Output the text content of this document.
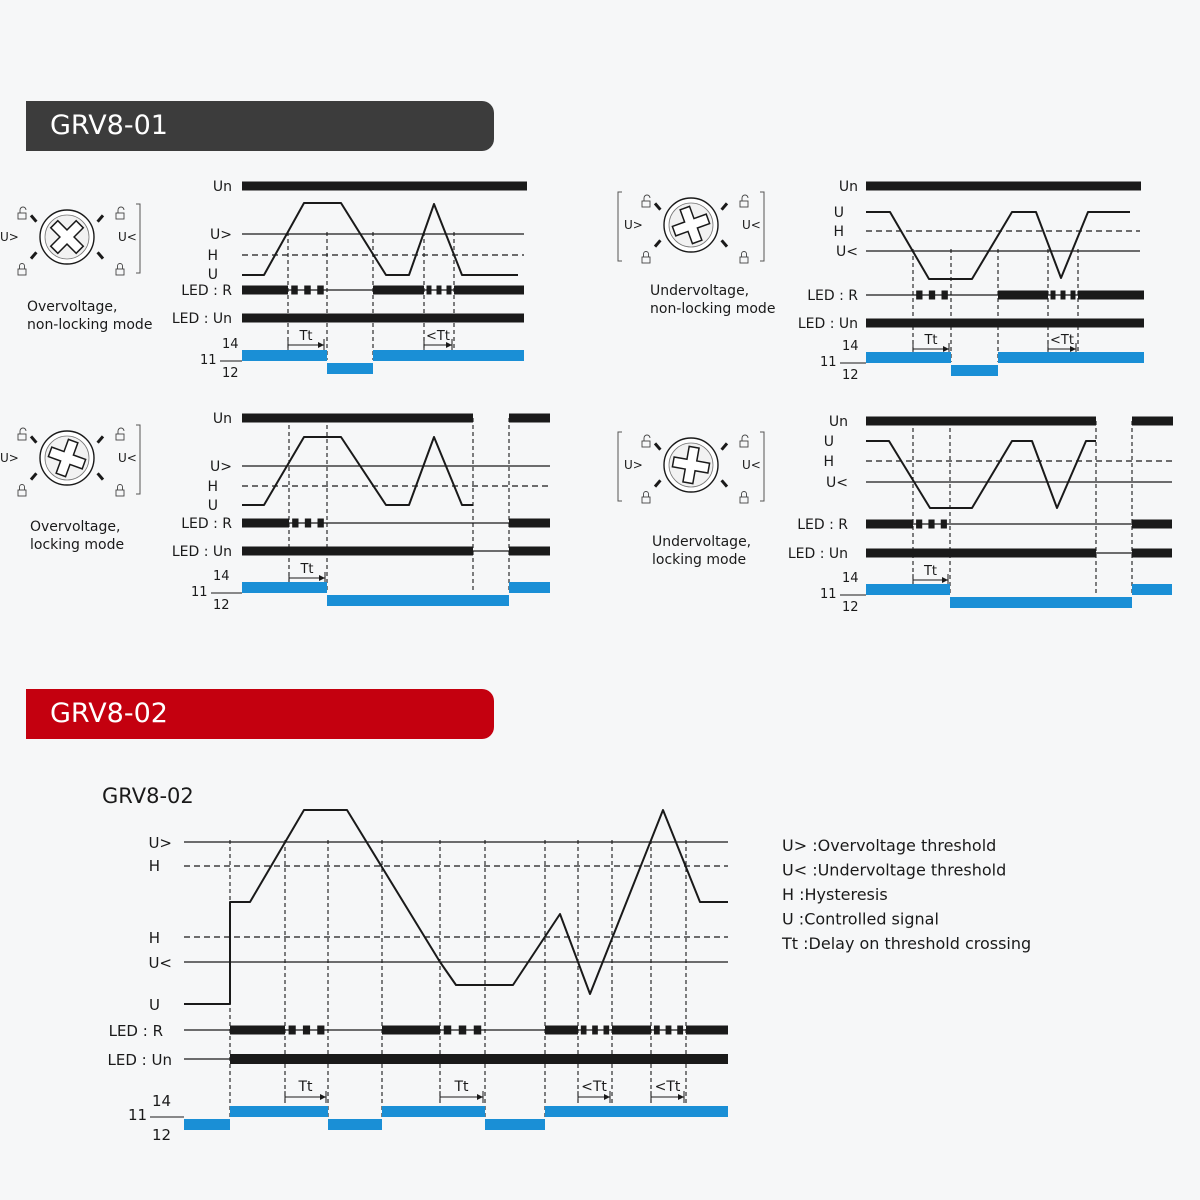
GRV8-01
GRV8-02
U>	U<
Overvoltage,
non-locking mode
Un
U>
H
U
LED : R
LED : Un
Tt	<Tt
14
11
12
U>	U<
Undervoltage,
non-locking mode
Un
U
H
U<
LED : R
LED : Un
Tt	<Tt
14
11
12
U>	U<
Overvoltage,
locking mode
Un
U>
H
U
LED : R
LED : Un
Tt
14
11
12
U>	U<
Undervoltage,
locking mode
Un
U
H
U<
LED : R
LED : Un
Tt
14
11
12
GRV8-02
U>
H
H
U<
U
LED : R
LED : Un
Tt	Tt	<Tt	<Tt
14
11
12
U> :Overvoltage threshold
U< :Undervoltage threshold
H :Hysteresis
U :Controlled signal
Tt :Delay on threshold crossing
